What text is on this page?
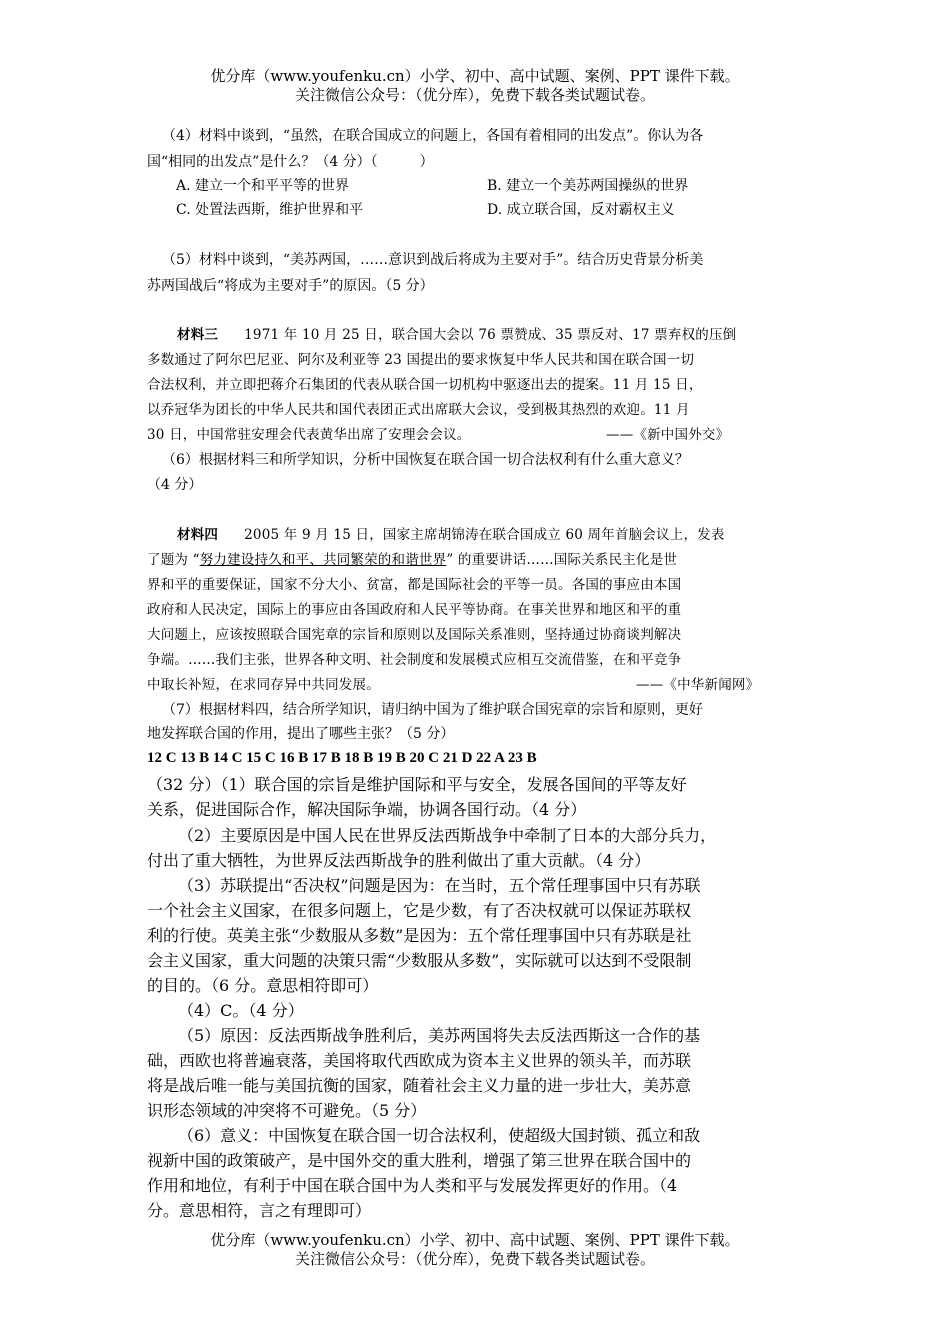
优分库（www.youfenku.cn）小学、初中、高中试题、案例、PPT 课件下载。
关注微信公众号：（优分库），免费下载各类试题试卷。
（4）材料中谈到，“虽然，在联合国成立的问题上，各国有着相同的出发点”。你认为各
国“相同的出发点”是什么？（4 分）（　　　）
A. 建立一个和平平等的世界	B. 建立一个美苏两国操纵的世界
C. 处置法西斯，维护世界和平	D. 成立联合国，反对霸权主义
（5）材料中谈到，“美苏两国，……意识到战后将成为主要对手”。结合历史背景分析美
苏两国战后“将成为主要对手”的原因。（5 分）
材料三 1971 年 10 月 25 日，联合国大会以 76 票赞成、35 票反对、17 票弃权的压倒
多数通过了阿尔巴尼亚、阿尔及利亚等 23 国提出的要求恢复中华人民共和国在联合国一切
合法权利，并立即把蒋介石集团的代表从联合国一切机构中驱逐出去的提案。11 月 15 日，
以乔冠华为团长的中华人民共和国代表团正式出席联大会议，受到极其热烈的欢迎。11 月
30 日，中国常驻安理会代表黄华出席了安理会会议。	——《新中国外交》
（6）根据材料三和所学知识，分析中国恢复在联合国一切合法权利有什么重大意义？
（4 分）
材料四 2005 年 9 月 15 日，国家主席胡锦涛在联合国成立 60 周年首脑会议上，发表
了题为 “努力建设持久和平、共同繁荣的和谐世界” 的重要讲话……国际关系民主化是世
界和平的重要保证，国家不分大小、贫富，都是国际社会的平等一员。各国的事应由本国
政府和人民决定，国际上的事应由各国政府和人民平等协商。在事关世界和地区和平的重
大问题上，应该按照联合国宪章的宗旨和原则以及国际关系准则，坚持通过协商谈判解决
争端。……我们主张，世界各种文明、社会制度和发展模式应相互交流借鉴，在和平竞争
中取长补短，在求同存异中共同发展。	——《中华新闻网》
（7）根据材料四，结合所学知识，请归纳中国为了维护联合国宪章的宗旨和原则，更好
地发挥联合国的作用，提出了哪些主张？（5 分）
12 C 13 B 14 C 15 C 16 B 17 B 18 B 19 B 20 C 21 D 22 A 23 B
（32 分）（1）联合国的宗旨是维护国际和平与安全，发展各国间的平等友好
关系，促进国际合作，解决国际争端，协调各国行动。（4 分）
（2）主要原因是中国人民在世界反法西斯战争中牵制了日本的大部分兵力，
付出了重大牺牲，为世界反法西斯战争的胜利做出了重大贡献。（4 分）
（3）苏联提出“否决权”问题是因为：在当时，五个常任理事国中只有苏联
一个社会主义国家，在很多问题上，它是少数，有了否决权就可以保证苏联权
利的行使。英美主张“少数服从多数”是因为：五个常任理事国中只有苏联是社
会主义国家，重大问题的决策只需“少数服从多数”，实际就可以达到不受限制
的目的。（6 分。意思相符即可）
（4）C。（4 分）
（5）原因：反法西斯战争胜利后，美苏两国将失去反法西斯这一合作的基
础，西欧也将普遍衰落，美国将取代西欧成为资本主义世界的领头羊，而苏联
将是战后唯一能与美国抗衡的国家，随着社会主义力量的进一步壮大，美苏意
识形态领域的冲突将不可避免。（5 分）
（6）意义：中国恢复在联合国一切合法权利，使超级大国封锁、孤立和敌
视新中国的政策破产，是中国外交的重大胜利，增强了第三世界在联合国中的
作用和地位，有利于中国在联合国中为人类和平与发展发挥更好的作用。（4
分。意思相符，言之有理即可）
优分库（www.youfenku.cn）小学、初中、高中试题、案例、PPT 课件下载。
关注微信公众号：（优分库），免费下载各类试题试卷。
